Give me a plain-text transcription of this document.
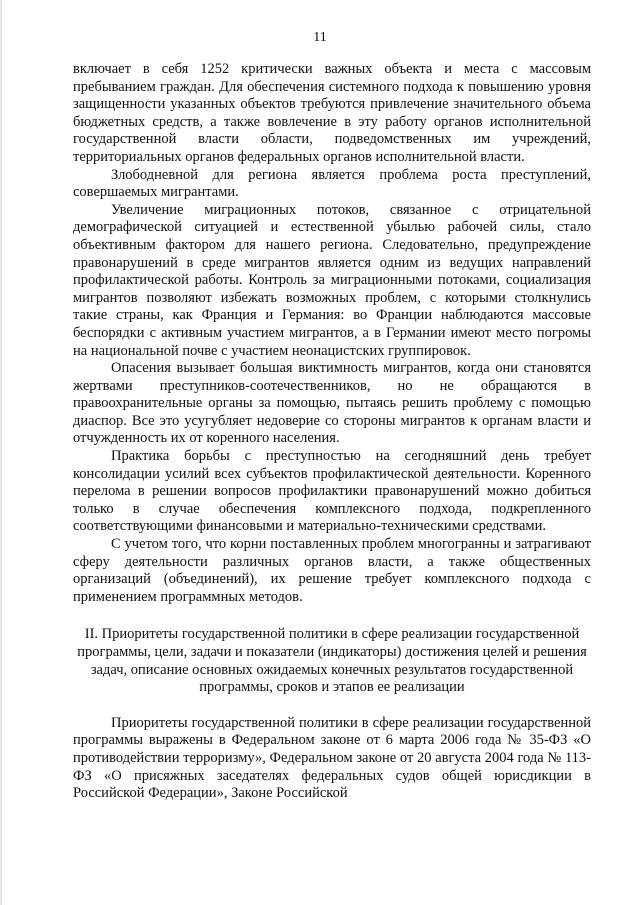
11

включает в себя 1252 критически важных объекта и места с массовым пребыванием граждан. Для обеспечения системного подхода к повышению уровня защищенности указанных объектов требуются привлечение значительного объема бюджетных средств, а также вовлечение в эту работу органов исполнительной государственной власти области, подведомственных им учреждений, территориальных органов федеральных органов исполнительной власти.

Злободневной для региона является проблема роста преступлений, совершаемых мигрантами.

Увеличение миграционных потоков, связанное с отрицательной демографической ситуацией и естественной убылью рабочей силы, стало объективным фактором для нашего региона. Следовательно, предупреждение правонарушений в среде мигрантов является одним из ведущих направлений профилактической работы. Контроль за миграционными потоками, социализация мигрантов позволяют избежать возможных проблем, с которыми столкнулись такие страны, как Франция и Германия: во Франции наблюдаются массовые беспорядки с активным участием мигрантов, а в Германии имеют место погромы на национальной почве с участием неонацистских группировок.

Опасения вызывает большая виктимность мигрантов, когда они становятся жертвами преступников-соотечественников, но не обращаются в правоохранительные органы за помощью, пытаясь решить проблему с помощью диаспор. Все это усугубляет недоверие со стороны мигрантов к органам власти и отчужденность их от коренного населения.

Практика борьбы с преступностью на сегодняшний день требует консолидации усилий всех субъектов профилактической деятельности. Коренного перелома в решении вопросов профилактики правонарушений можно добиться только в случае обеспечения комплексного подхода, подкрепленного соответствующими финансовыми и материально-техническими средствами.

С учетом того, что корни поставленных проблем многогранны и затрагивают сферу деятельности различных органов власти, а также общественных организаций (объединений), их решение требует комплексного подхода с применением программных методов.

II. Приоритеты государственной политики в сфере реализации государственной программы, цели, задачи и показатели (индикаторы) достижения целей и решения задач, описание основных ожидаемых конечных результатов государственной программы, сроков и этапов ее реализации

Приоритеты государственной политики в сфере реализации государственной программы выражены в Федеральном законе от 6 марта 2006 года № 35-ФЗ «О противодействии терроризму», Федеральном законе от 20 августа 2004 года № 113-ФЗ «О присяжных заседателях федеральных судов общей юрисдикции в Российской Федерации», Законе Российской
